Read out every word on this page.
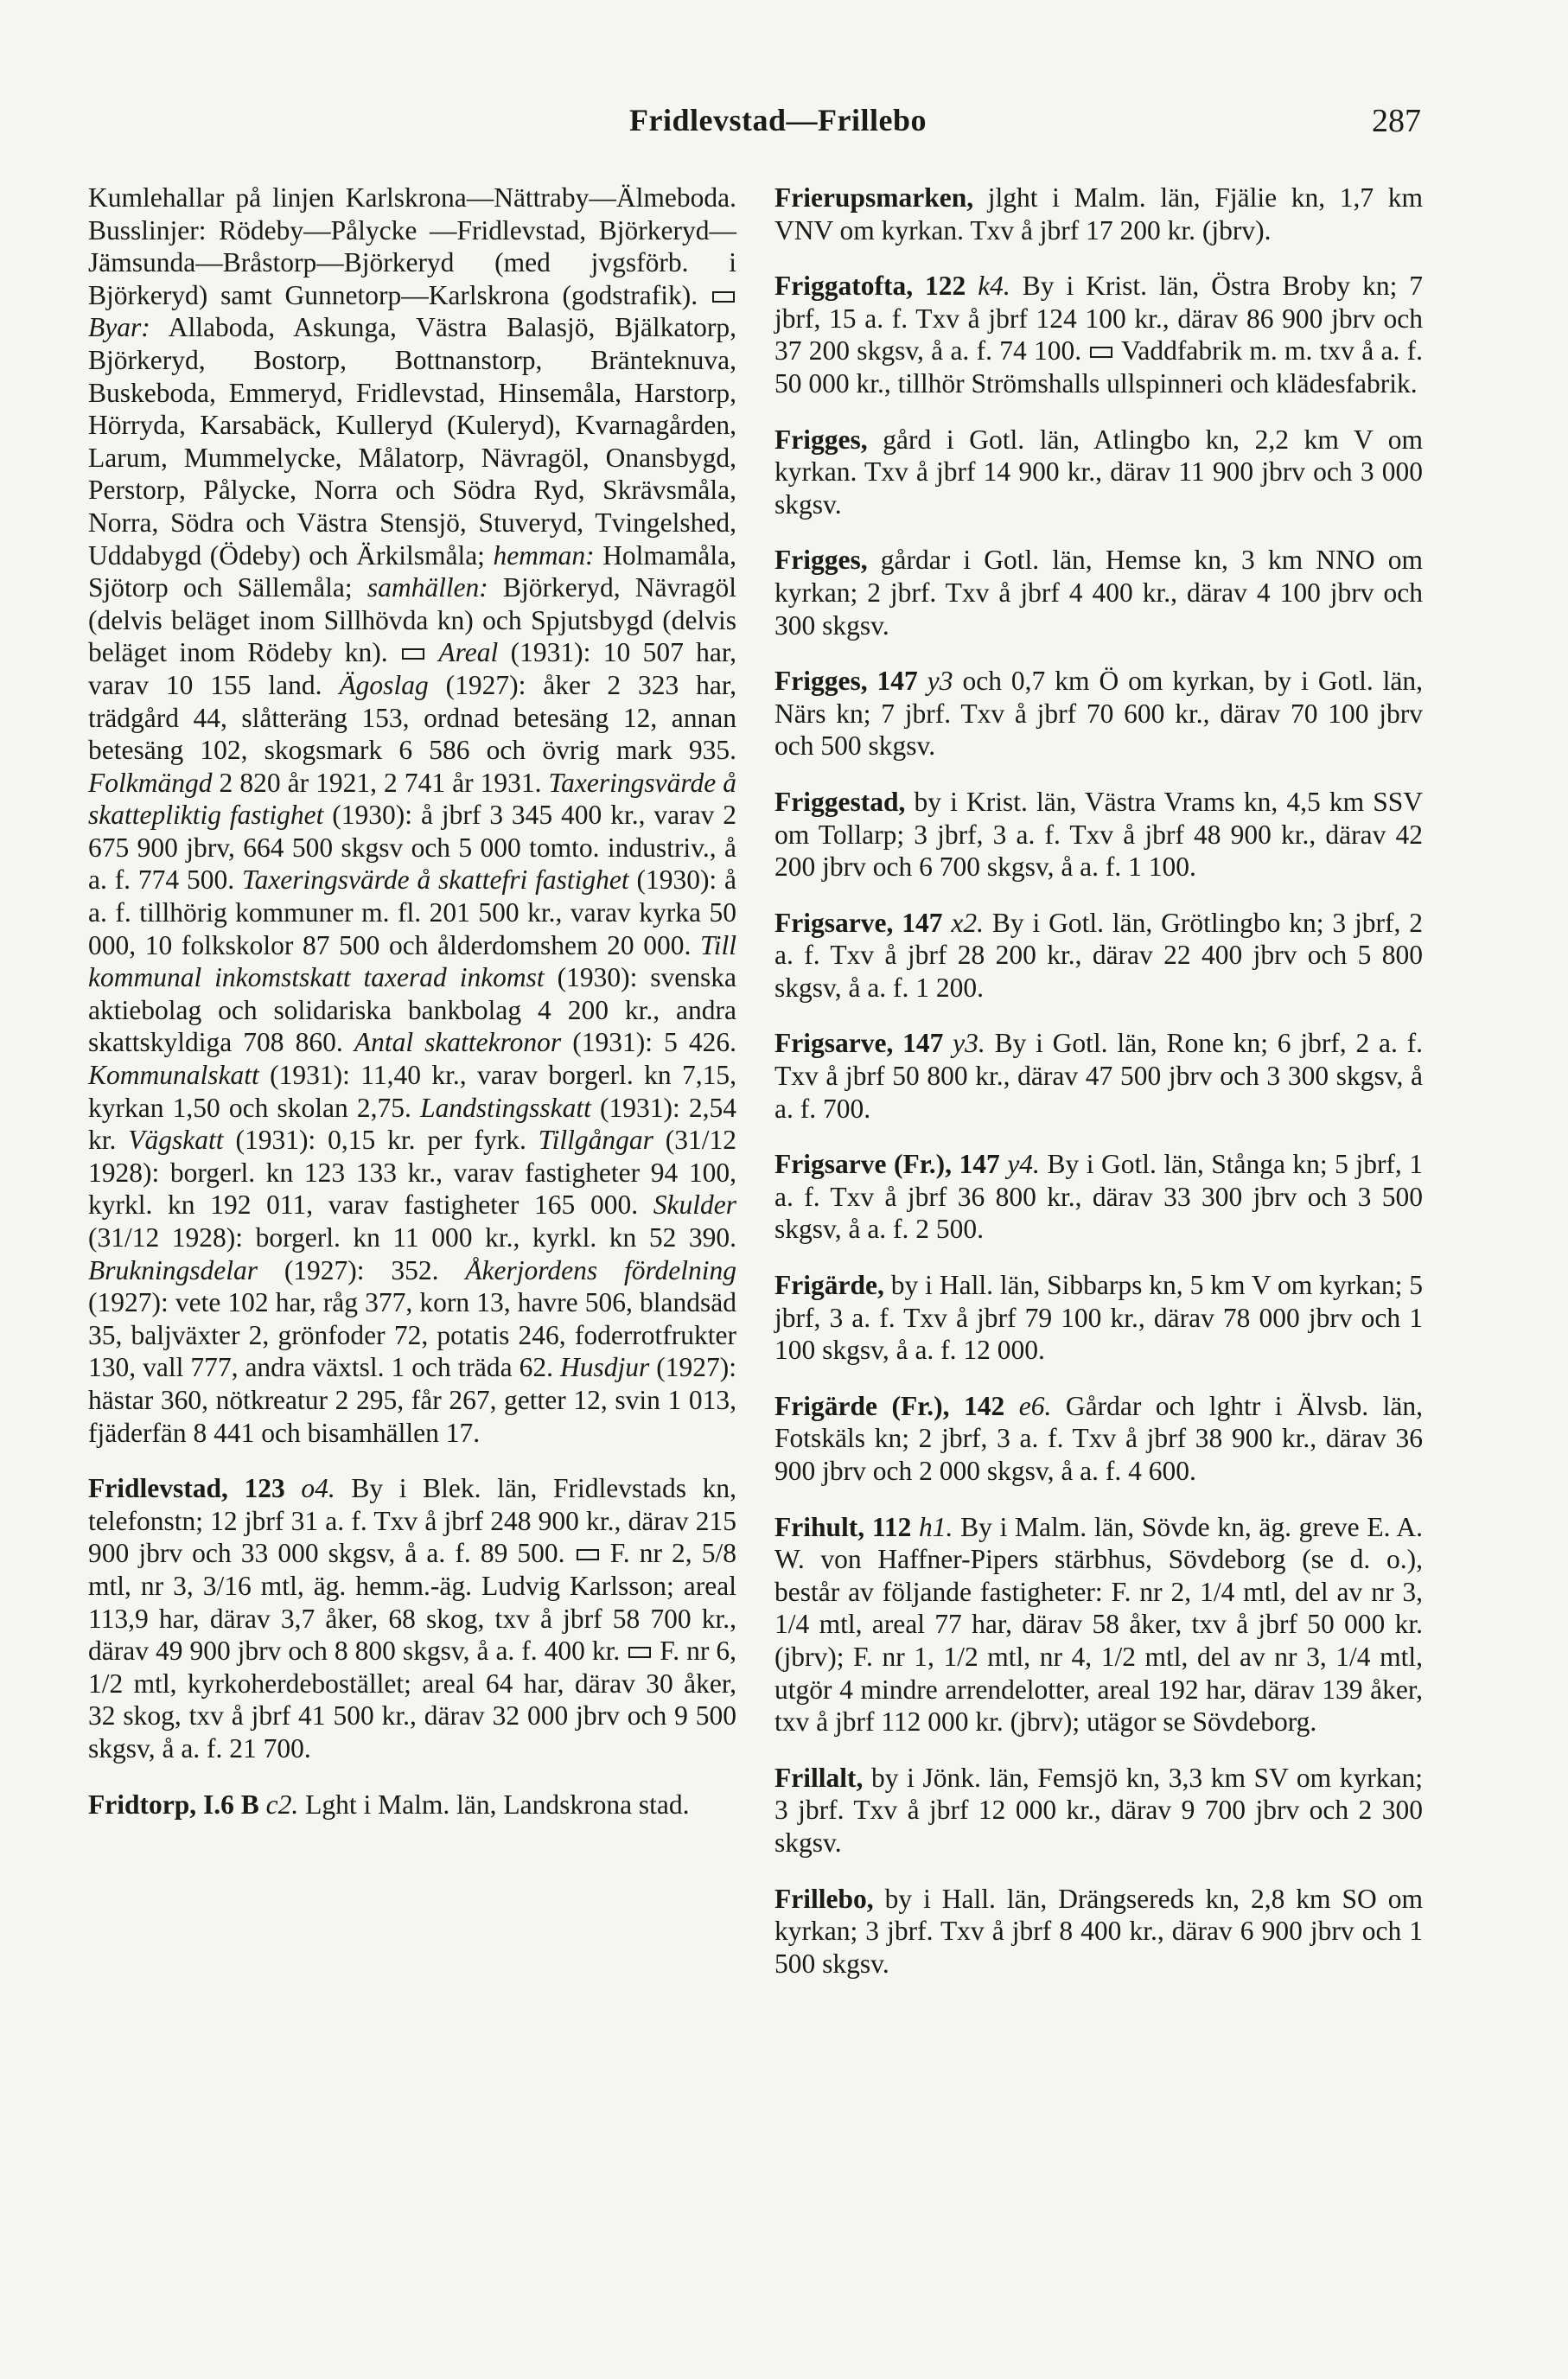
Fridlevstad—Frillebo	287

Kumlehallar på linjen Karlskrona—Nättraby—Älmeboda. Busslinjer: Rödeby—Pålycke —Fridlevstad, Björkeryd—Jämsunda—Bråstorp—Björkeryd (med jvgsförb. i Björkeryd) samt Gunnetorp—Karlskrona (godstrafik).  Byar: Allaboda, Askunga, Västra Balasjö, Bjälkatorp, Björkeryd, Bostorp, Bottnanstorp, Bränteknuva, Buskeboda, Emmeryd, Fridlevstad, Hinsemåla, Harstorp, Hörryda, Karsabäck, Kulleryd (Kuleryd), Kvarnagården, Larum, Mummelycke, Målatorp, Nävragöl, Onansbygd, Perstorp, Pålycke, Norra och Södra Ryd, Skrävsmåla, Norra, Södra och Västra Stensjö, Stuveryd, Tvingelshed, Uddabygd (Ödeby) och Ärkilsmåla; hemman: Holmamåla, Sjötorp och Sällemåla; samhällen: Björkeryd, Nävragöl (delvis beläget inom Sillhövda kn) och Spjutsbygd (delvis beläget inom Rödeby kn). Areal (1931): 10 507 har, varav 10 155 land. Ägoslag (1927): åker 2 323 har, trädgård 44, slåtteräng 153, ordnad betesäng 12, annan betesäng 102, skogsmark 6 586 och övrig mark 935. Folkmängd 2 820 år 1921, 2 741 år 1931. Taxeringsvärde å skattepliktig fastighet (1930): å jbrf 3 345 400 kr., varav 2 675 900 jbrv, 664 500 skgsv och 5 000 tomto. industriv., å a. f. 774 500. Taxeringsvärde å skattefri fastighet (1930): å a. f. tillhörig kommuner m. fl. 201 500 kr., varav kyrka 50 000, 10 folkskolor 87 500 och ålderdomshem 20 000. Till kommunal inkomstskatt taxerad inkomst (1930): svenska aktiebolag och solidariska bankbolag 4 200 kr., andra skattskyldiga 708 860. Antal skattekronor (1931): 5 426. Kommunalskatt (1931): 11,40 kr., varav borgerl. kn 7,15, kyrkan 1,50 och skolan 2,75. Landstingsskatt (1931): 2,54 kr. Vägskatt (1931): 0,15 kr. per fyrk. Tillgångar (31/12 1928): borgerl. kn 123 133 kr., varav fastigheter 94 100, kyrkl. kn 192 011, varav fastigheter 165 000. Skulder (31/12 1928): borgerl. kn 11 000 kr., kyrkl. kn 52 390. Brukningsdelar (1927): 352. Åkerjordens fördelning (1927): vete 102 har, råg 377, korn 13, havre 506, blandsäd 35, baljväxter 2, grönfoder 72, potatis 246, foderrotfrukter 130, vall 777, andra växtsl. 1 och träda 62. Husdjur (1927): hästar 360, nötkreatur 2 295, får 267, getter 12, svin 1 013, fjäderfän 8 441 och bisamhällen 17.

Fridlevstad, 123 o4. By i Blek. län, Fridlevstads kn, telefonstn; 12 jbrf 31 a. f. Txv å jbrf 248 900 kr., därav 215 900 jbrv och 33 000 skgsv, å a. f. 89 500. F. nr 2, 5/8 mtl, nr 3, 3/16 mtl, äg. hemm.-äg. Ludvig Karlsson; areal 113,9 har, därav 3,7 åker, 68 skog, txv å jbrf 58 700 kr., därav 49 900 jbrv och 8 800 skgsv, å a. f. 400 kr. F. nr 6, 1/2 mtl, kyrkoherdebostället; areal 64 har, därav 30 åker, 32 skog, txv å jbrf 41 500 kr., därav 32 000 jbrv och 9 500 skgsv, å a. f. 21 700.

Fridtorp, I.6 B c2. Lght i Malm. län, Landskrona stad.

Frierupsmarken, jlght i Malm. län, Fjälie kn, 1,7 km VNV om kyrkan. Txv å jbrf 17 200 kr. (jbrv).

Friggatofta, 122 k4. By i Krist. län, Östra Broby kn; 7 jbrf, 15 a. f. Txv å jbrf 124 100 kr., därav 86 900 jbrv och 37 200 skgsv, å a. f. 74 100. Vaddfabrik m. m. txv å a. f. 50 000 kr., tillhör Strömshalls ullspinneri och klädesfabrik.

Frigges, gård i Gotl. län, Atlingbo kn, 2,2 km V om kyrkan. Txv å jbrf 14 900 kr., därav 11 900 jbrv och 3 000 skgsv.

Frigges, gårdar i Gotl. län, Hemse kn, 3 km NNO om kyrkan; 2 jbrf. Txv å jbrf 4 400 kr., därav 4 100 jbrv och 300 skgsv.

Frigges, 147 y3 och 0,7 km Ö om kyrkan, by i Gotl. län, Närs kn; 7 jbrf. Txv å jbrf 70 600 kr., därav 70 100 jbrv och 500 skgsv.

Friggestad, by i Krist. län, Västra Vrams kn, 4,5 km SSV om Tollarp; 3 jbrf, 3 a. f. Txv å jbrf 48 900 kr., därav 42 200 jbrv och 6 700 skgsv, å a. f. 1 100.

Frigsarve, 147 x2. By i Gotl. län, Grötlingbo kn; 3 jbrf, 2 a. f. Txv å jbrf 28 200 kr., därav 22 400 jbrv och 5 800 skgsv, å a. f. 1 200.

Frigsarve, 147 y3. By i Gotl. län, Rone kn; 6 jbrf, 2 a. f. Txv å jbrf 50 800 kr., därav 47 500 jbrv och 3 300 skgsv, å a. f. 700.

Frigsarve (Fr.), 147 y4. By i Gotl. län, Stånga kn; 5 jbrf, 1 a. f. Txv å jbrf 36 800 kr., därav 33 300 jbrv och 3 500 skgsv, å a. f. 2 500.

Frigärde, by i Hall. län, Sibbarps kn, 5 km V om kyrkan; 5 jbrf, 3 a. f. Txv å jbrf 79 100 kr., därav 78 000 jbrv och 1 100 skgsv, å a. f. 12 000.

Frigärde (Fr.), 142 e6. Gårdar och lghtr i Älvsb. län, Fotskäls kn; 2 jbrf, 3 a. f. Txv å jbrf 38 900 kr., därav 36 900 jbrv och 2 000 skgsv, å a. f. 4 600.

Frihult, 112 h1. By i Malm. län, Sövde kn, äg. greve E. A. W. von Haffner-Pipers stärbhus, Sövdeborg (se d. o.), består av följande fastigheter: F. nr 2, 1/4 mtl, del av nr 3, 1/4 mtl, areal 77 har, därav 58 åker, txv å jbrf 50 000 kr. (jbrv); F. nr 1, 1/2 mtl, nr 4, 1/2 mtl, del av nr 3, 1/4 mtl, utgör 4 mindre arrendelotter, areal 192 har, därav 139 åker, txv å jbrf 112 000 kr. (jbrv); utägor se Sövdeborg.

Frillalt, by i Jönk. län, Femsjö kn, 3,3 km SV om kyrkan; 3 jbrf. Txv å jbrf 12 000 kr., därav 9 700 jbrv och 2 300 skgsv.

Frillebo, by i Hall. län, Drängsereds kn, 2,8 km SO om kyrkan; 3 jbrf. Txv å jbrf 8 400 kr., därav 6 900 jbrv och 1 500 skgsv.
